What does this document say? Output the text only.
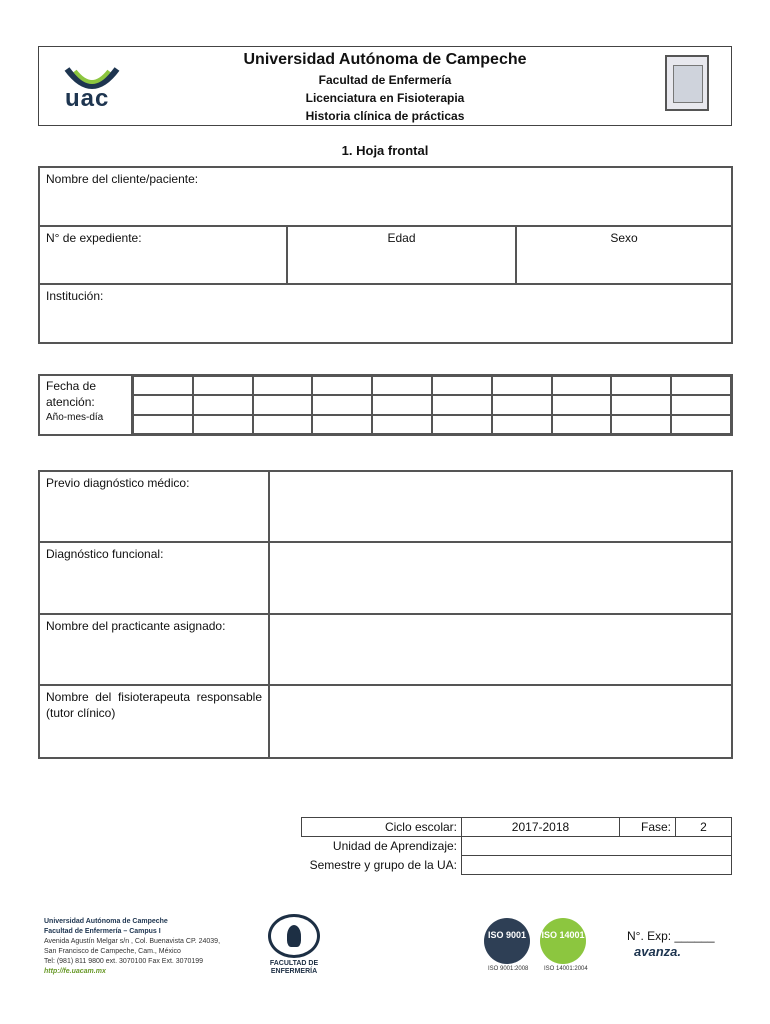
uac
Universidad Autónoma de Campeche
Facultad de Enfermería
Licenciatura en Fisioterapia
Historia clínica de prácticas
1. Hoja frontal
Nombre del cliente/paciente:
N° de expediente:	Edad	Sexo
Institución:
Fecha de atención:
Año-mes-día
Previo diagnóstico médico:
Diagnóstico funcional:
Nombre del practicante asignado:
Nombre del fisioterapeuta responsable (tutor clínico)
Ciclo escolar:	2017-2018	Fase:	2
Unidad de Aprendizaje:			
Semestre y grupo de la UA:			
Universidad Autónoma de Campeche
Facultad de Enfermería – Campus I
Avenida Agustín Melgar s/n , Col. Buenavista CP. 24039,
San Francisco de Campeche, Cam., México
Tel: (981) 811 9800 ext. 3070100 Fax Ext. 3070199
http://fe.uacam.mx
FACULTAD DE ENFERMERÍA
ISO 9001
ISO 9001:2008
ISO 14001
ISO 14001:2004
N°. Exp: ______
avanza.
